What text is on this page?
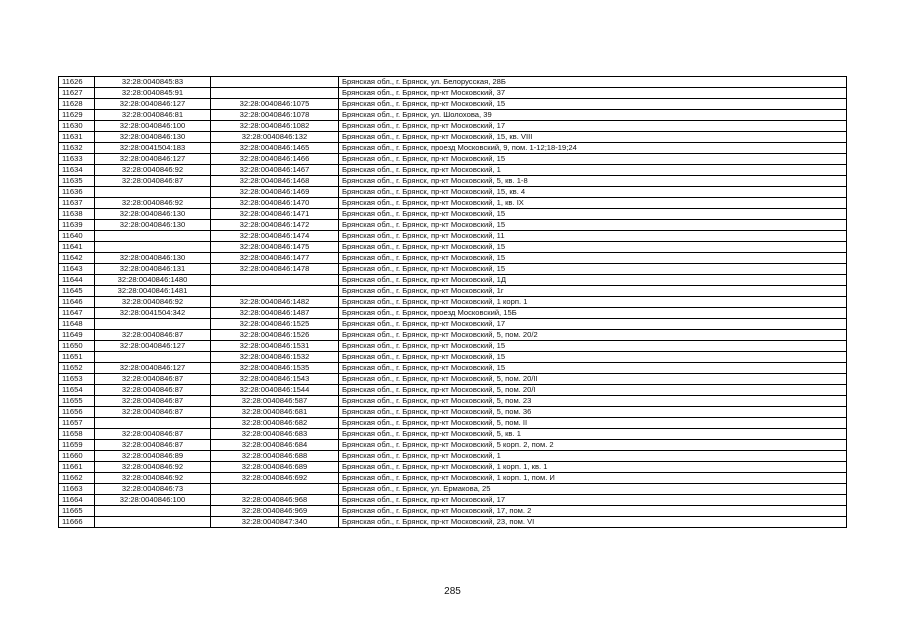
11626	32:28:0040845:83		Брянская обл., г. Брянск, ул. Белорусская, 28Б
11627	32:28:0040845:91		Брянская обл., г. Брянск, пр-кт Московский, 37
11628	32:28:0040846:127	32:28:0040846:1075	Брянская обл., г. Брянск, пр-кт Московский, 15
11629	32:28:0040846:81	32:28:0040846:1078	Брянская обл., г. Брянск, ул. Шолохова, 39
11630	32:28:0040846:100	32:28:0040846:1082	Брянская обл., г. Брянск, пр-кт Московский, 17
11631	32:28:0040846:130	32:28:0040846:132	Брянская обл., г. Брянск, пр-кт Московский, 15, кв. VIII
11632	32:28:0041504:183	32:28:0040846:1465	Брянская обл., г. Брянск, проезд Московский, 9, пом. 1-12;18-19;24
11633	32:28:0040846:127	32:28:0040846:1466	Брянская обл., г. Брянск, пр-кт Московский, 15
11634	32:28:0040846:92	32:28:0040846:1467	Брянская обл., г. Брянск, пр-кт Московский, 1
11635	32:28:0040846:87	32:28:0040846:1468	Брянская обл., г. Брянск, пр-кт Московский, 5, кв. 1-8
11636		32:28:0040846:1469	Брянская обл., г. Брянск, пр-кт Московский, 15, кв. 4
11637	32:28:0040846:92	32:28:0040846:1470	Брянская обл., г. Брянск, пр-кт Московский, 1, кв. IX
11638	32:28:0040846:130	32:28:0040846:1471	Брянская обл., г. Брянск, пр-кт Московский, 15
11639	32:28:0040846:130	32:28:0040846:1472	Брянская обл., г. Брянск, пр-кт Московский, 15
11640		32:28:0040846:1474	Брянская обл., г. Брянск, пр-кт Московский, 11
11641		32:28:0040846:1475	Брянская обл., г. Брянск, пр-кт Московский, 15
11642	32:28:0040846:130	32:28:0040846:1477	Брянская обл., г. Брянск, пр-кт Московский, 15
11643	32:28:0040846:131	32:28:0040846:1478	Брянская обл., г. Брянск, пр-кт Московский, 15
11644	32:28:0040846:1480		Брянская обл., г. Брянск, пр-кт Московский, 1Д
11645	32:28:0040846:1481		Брянская обл., г. Брянск, пр-кт Московский, 1г
11646	32:28:0040846:92	32:28:0040846:1482	Брянская обл., г. Брянск, пр-кт Московский, 1 корп. 1
11647	32:28:0041504:342	32:28:0040846:1487	Брянская обл., г. Брянск, проезд Московский, 15Б
11648		32:28:0040846:1525	Брянская обл., г. Брянск, пр-кт Московский, 17
11649	32:28:0040846:87	32:28:0040846:1526	Брянская обл., г. Брянск, пр-кт Московский, 5, пом. 20/2
11650	32:28:0040846:127	32:28:0040846:1531	Брянская обл., г. Брянск, пр-кт Московский, 15
11651		32:28:0040846:1532	Брянская обл., г. Брянск, пр-кт Московский, 15
11652	32:28:0040846:127	32:28:0040846:1535	Брянская обл., г. Брянск, пр-кт Московский, 15
11653	32:28:0040846:87	32:28:0040846:1543	Брянская обл., г. Брянск, пр-кт Московский, 5, пом. 20/II
11654	32:28:0040846:87	32:28:0040846:1544	Брянская обл., г. Брянск, пр-кт Московский, 5, пом. 20/I
11655	32:28:0040846:87	32:28:0040846:587	Брянская обл., г. Брянск, пр-кт Московский, 5, пом. 23
11656	32:28:0040846:87	32:28:0040846:681	Брянская обл., г. Брянск, пр-кт Московский, 5, пом. 36
11657		32:28:0040846:682	Брянская обл., г. Брянск, пр-кт Московский, 5, пом. II
11658	32:28:0040846:87	32:28:0040846:683	Брянская обл., г. Брянск, пр-кт Московский, 5, кв. 1
11659	32:28:0040846:87	32:28:0040846:684	Брянская обл., г. Брянск, пр-кт Московский, 5 корп. 2, пом. 2
11660	32:28:0040846:89	32:28:0040846:688	Брянская обл., г. Брянск, пр-кт Московский, 1
11661	32:28:0040846:92	32:28:0040846:689	Брянская обл., г. Брянск, пр-кт Московский, 1 корп. 1, кв. 1
11662	32:28:0040846:92	32:28:0040846:692	Брянская обл., г. Брянск, пр-кт Московский, 1 корп. 1, пом. И
11663	32:28:0040846:73		Брянская обл., г. Брянск, ул. Ермакова, 25
11664	32:28:0040846:100	32:28:0040846:968	Брянская обл., г. Брянск, пр-кт Московский, 17
11665		32:28:0040846:969	Брянская обл., г. Брянск, пр-кт Московский, 17, пом. 2
11666		32:28:0040847:340	Брянская обл., г. Брянск, пр-кт Московский, 23, пом. VI
285
